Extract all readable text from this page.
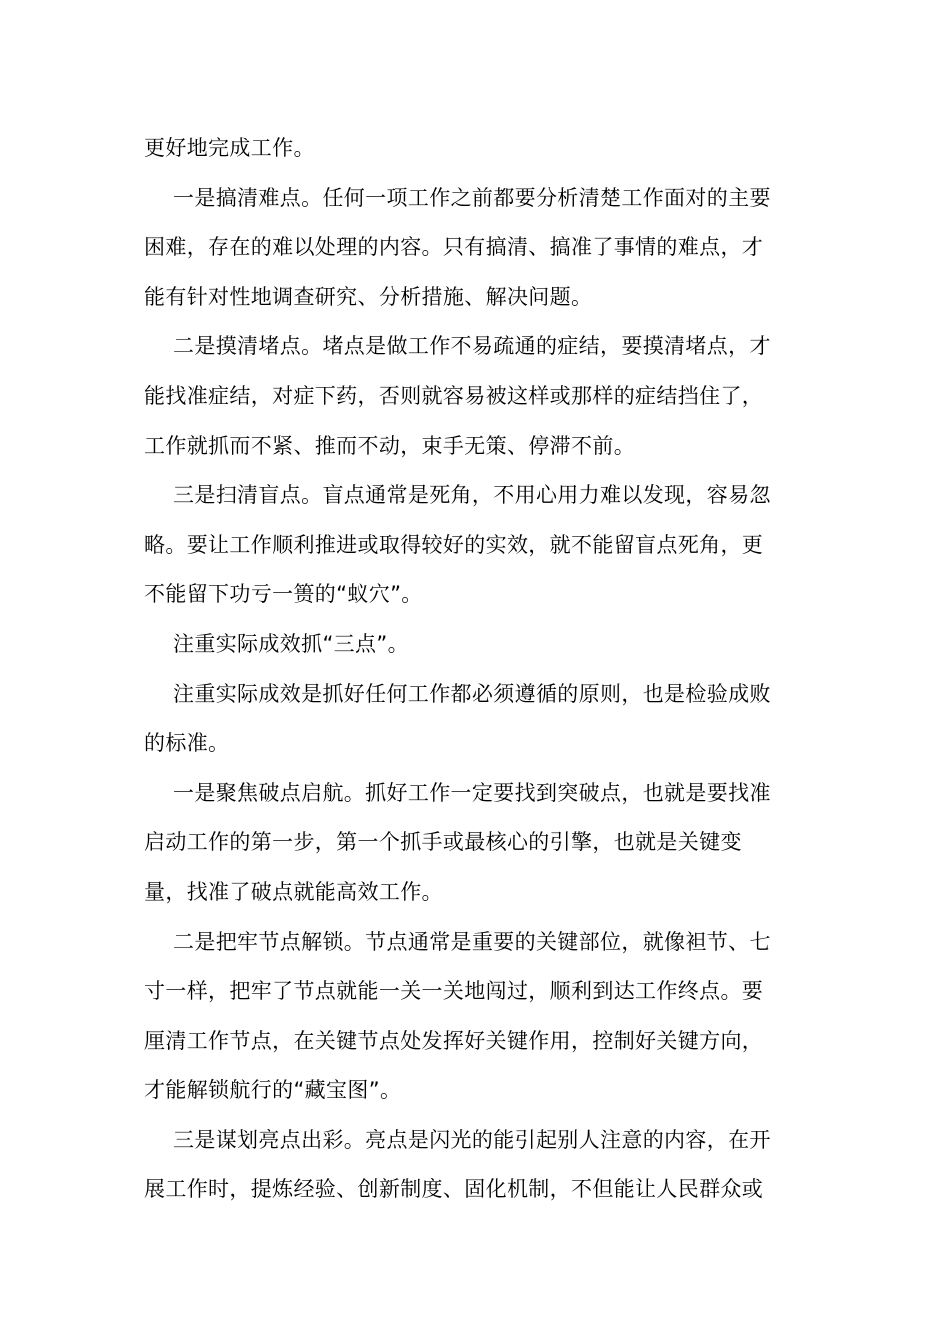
更好地完成工作。
一是搞清难点。任何一项工作之前都要分析清楚工作面对的主要
困难，存在的难以处理的内容。只有搞清、搞准了事情的难点，才
能有针对性地调查研究、分析措施、解决问题。
二是摸清堵点。堵点是做工作不易疏通的症结，要摸清堵点，才
能找准症结，对症下药，否则就容易被这样或那样的症结挡住了，
工作就抓而不紧、推而不动，束手无策、停滞不前。
三是扫清盲点。盲点通常是死角，不用心用力难以发现，容易忽
略。要让工作顺利推进或取得较好的实效，就不能留盲点死角，更
不能留下功亏一篑的“蚁穴”。
注重实际成效抓“三点”。
注重实际成效是抓好任何工作都必须遵循的原则，也是检验成败
的标准。
一是聚焦破点启航。抓好工作一定要找到突破点，也就是要找准
启动工作的第一步，第一个抓手或最核心的引擎，也就是关键变
量，找准了破点就能高效工作。
二是把牢节点解锁。节点通常是重要的关键部位，就像袒节、七
寸一样，把牢了节点就能一关一关地闯过，顺利到达工作终点。要
厘清工作节点，在关键节点处发挥好关键作用，控制好关键方向，
才能解锁航行的“藏宝图”。
三是谋划亮点出彩。亮点是闪光的能引起别人注意的内容，在开
展工作时，提炼经验、创新制度、固化机制，不但能让人民群众或
